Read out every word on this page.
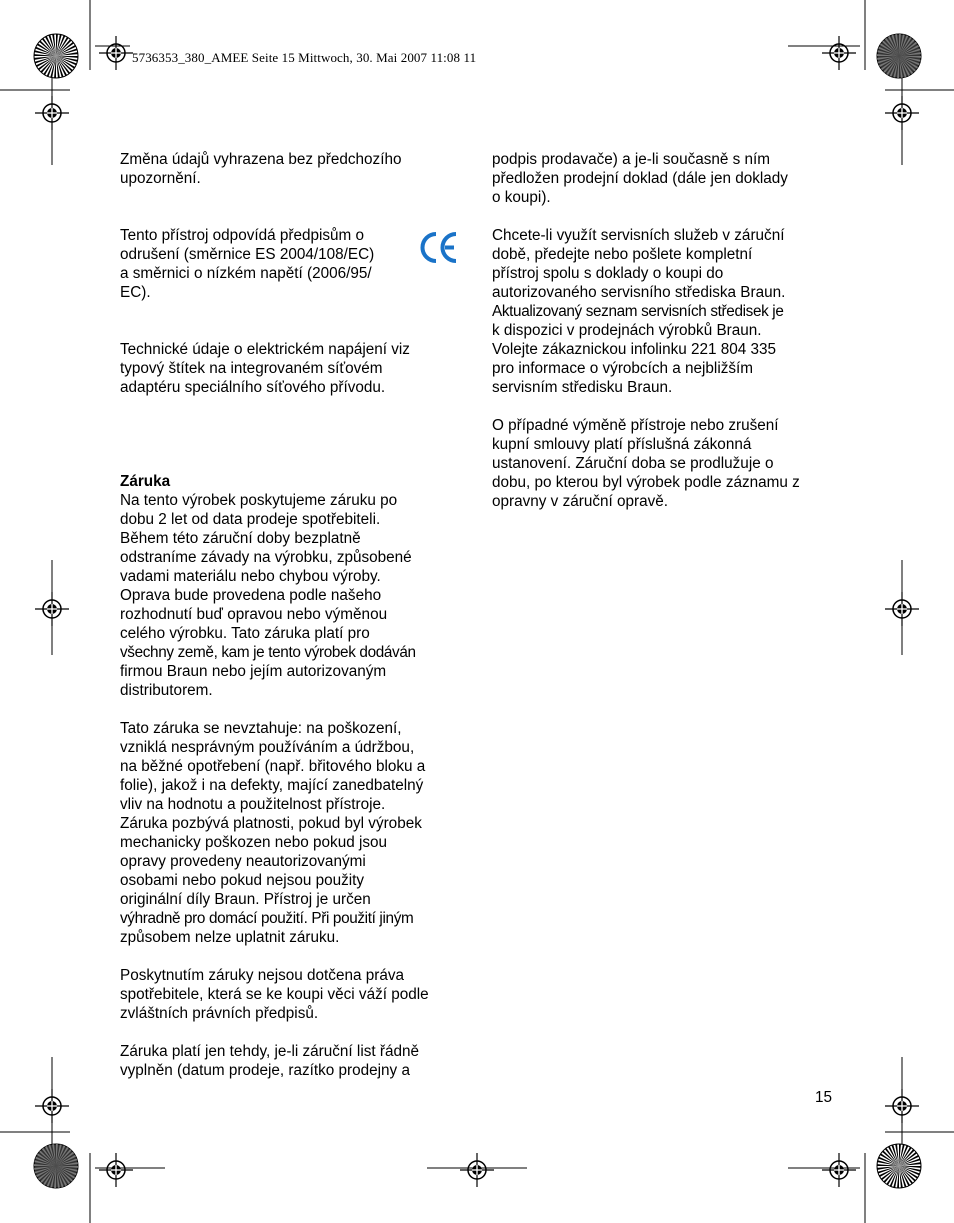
5736353_380_AMEE Seite 15 Mittwoch, 30. Mai 2007 11:08 11

Změna údajů vyhrazena bez předchozího
upozornění.

Tento přístroj odpovídá předpisům o
odrušení (směrnice ES 2004/108/EC)
a směrnici o nízkém napětí (2006/95/
EC).

Technické údaje o elektrickém napájení viz
typový štítek na integrovaném síťovém
adaptéru speciálního síťového přívodu.

Záruka

Na tento výrobek poskytujeme záruku po
dobu 2 let od data prodeje spotřebiteli.
Během této záruční doby bezplatně
odstraníme závady na výrobku, způsobené
vadami materiálu nebo chybou výroby.
Oprava bude provedena podle našeho
rozhodnutí buď opravou nebo výměnou
celého výrobku. Tato záruka platí pro

všechny země, kam je tento výrobek dodáván

firmou Braun nebo jejím autorizovaným
distributorem.

Tato záruka se nevztahuje: na poškození,
vzniklá nesprávným používáním a údržbou,
na běžné opotřebení (např. břitového bloku a
folie), jakož i na defekty, mající zanedbatelný
vliv na hodnotu a použitelnost přístroje.
Záruka pozbývá platnosti, pokud byl výrobek
mechanicky poškozen nebo pokud jsou
opravy provedeny neautorizovanými
osobami nebo pokud nejsou použity
originální díly Braun. Přístroj je určen

výhradně pro domácí použití. Při použití jiným

způsobem nelze uplatnit záruku.

Poskytnutím záruky nejsou dotčena práva
spotřebitele, která se ke koupi věci váží podle
zvláštních právních předpisů.

Záruka platí jen tehdy, je-li záruční list řádně
vyplněn (datum prodeje, razítko prodejny a

podpis prodavače) a je-li současně s ním
předložen prodejní doklad (dále jen doklady
o koupi).

Chcete-li využít servisních služeb v záruční
době, předejte nebo pošlete kompletní
přístroj spolu s doklady o koupi do
autorizovaného servisního střediska Braun.

Aktualizovaný seznam servisních středisek je

k dispozici v prodejnách výrobků Braun.
Volejte zákaznickou infolinku 221 804 335
pro informace o výrobcích a nejbližším
servisním středisku Braun.

O případné výměně přístroje nebo zrušení
kupní smlouvy platí příslušná zákonná
ustanovení. Záruční doba se prodlužuje o
dobu, po kterou byl výrobek podle záznamu z
opravny v záruční opravě.

15
